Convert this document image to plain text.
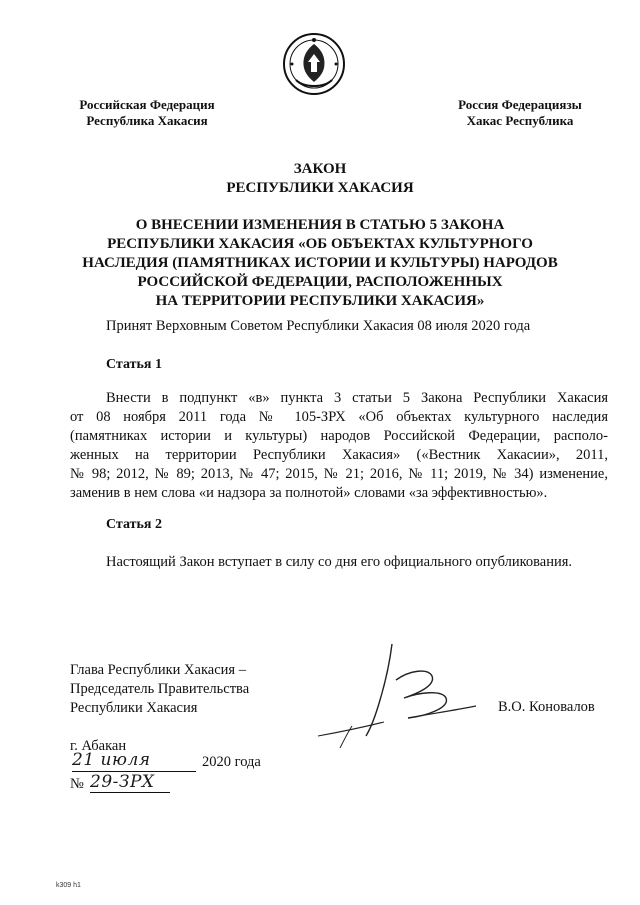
Российская Федерация
Республика Хакасия
Россия Федерациязы
Хакас Республика
ЗАКОН
РЕСПУБЛИКИ ХАКАСИЯ
О ВНЕСЕНИИ ИЗМЕНЕНИЯ В СТАТЬЮ 5 ЗАКОНА
РЕСПУБЛИКИ ХАКАСИЯ «ОБ ОБЪЕКТАХ КУЛЬТУРНОГО
НАСЛЕДИЯ (ПАМЯТНИКАХ ИСТОРИИ И КУЛЬТУРЫ) НАРОДОВ
РОССИЙСКОЙ ФЕДЕРАЦИИ, РАСПОЛОЖЕННЫХ
НА ТЕРРИТОРИИ РЕСПУБЛИКИ ХАКАСИЯ»

Принят Верховным Советом Республики Хакасия 08 июля 2020 года

Статья 1

Внести в подпункт «в» пункта 3 статьи 5 Закона Республики Хакасия
от 08 ноября 2011 года № 105-ЗРХ «Об объектах культурного наследия
(памятниках истории и культуры) народов Российской Федерации, располо-
женных на территории Республики Хакасия» («Вестник Хакасии», 2011,
№ 98; 2012, № 89; 2013, № 47; 2015, № 21; 2016, № 11; 2019, № 34) изменение,
заменив в нем слова «и надзора за полнотой» словами «за эффективностью».

Статья 2

Настоящий Закон вступает в силу со дня его официального опубликования.

Глава Республики Хакасия –
Председатель Правительства
Республики Хакасия	В.О. Коновалов
г. Абакан
21 июля	2020 года
№ 29-ЗРХ
k309 h1
